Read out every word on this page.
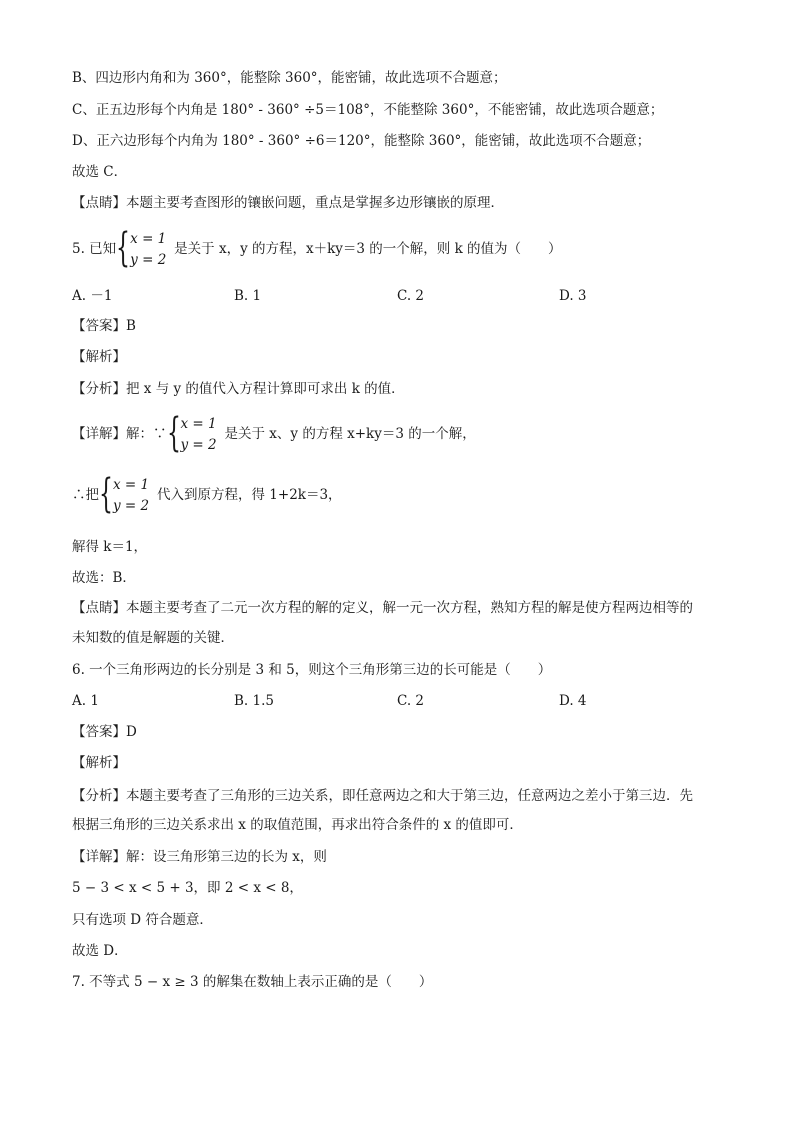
B、四边形内角和为 360°，能整除 360°，能密铺，故此选项不合题意；
C、正五边形每个内角是 180° - 360° ÷5＝108°，不能整除 360°，不能密铺，故此选项合题意；
D、正六边形每个内角为 180° - 360° ÷6＝120°，能整除 360°，能密铺，故此选项不合题意；
故选 C．
【点睛】本题主要考查图形的镶嵌问题，重点是掌握多边形镶嵌的原理．
5. 已知 { x = 1
y = 2
是关于 x，y 的方程，x＋ky＝3 的一个解，则 k 的值为（　　）
A. －1	B. 1	C. 2	D. 3
【答案】B
【解析】
【分析】把 x 与 y 的值代入方程计算即可求出 k 的值．
【详解】解：∵ { x = 1
y = 2
是关于 x、y 的方程 x+ky＝3 的一个解，
∴把 { x = 1
y = 2
代入到原方程，得 1+2k＝3，
解得 k＝1，
故选：B．
【点睛】本题主要考查了二元一次方程的解的定义，解一元一次方程，熟知方程的解是使方程两边相等的
未知数的值是解题的关键．
6. 一个三角形两边的长分别是 3 和 5，则这个三角形第三边的长可能是（　　）
A. 1	B. 1.5	C. 2	D. 4
【答案】D
【解析】
【分析】本题主要考查了三角形的三边关系，即任意两边之和大于第三边，任意两边之差小于第三边．先
根据三角形的三边关系求出 x 的取值范围，再求出符合条件的 x 的值即可．
【详解】解：设三角形第三边的长为 x，则
5 − 3 < x < 5 + 3，即 2 < x < 8，
只有选项 D 符合题意．
故选 D．
7. 不等式 5 − x ≥ 3 的解集在数轴上表示正确的是（　　）
